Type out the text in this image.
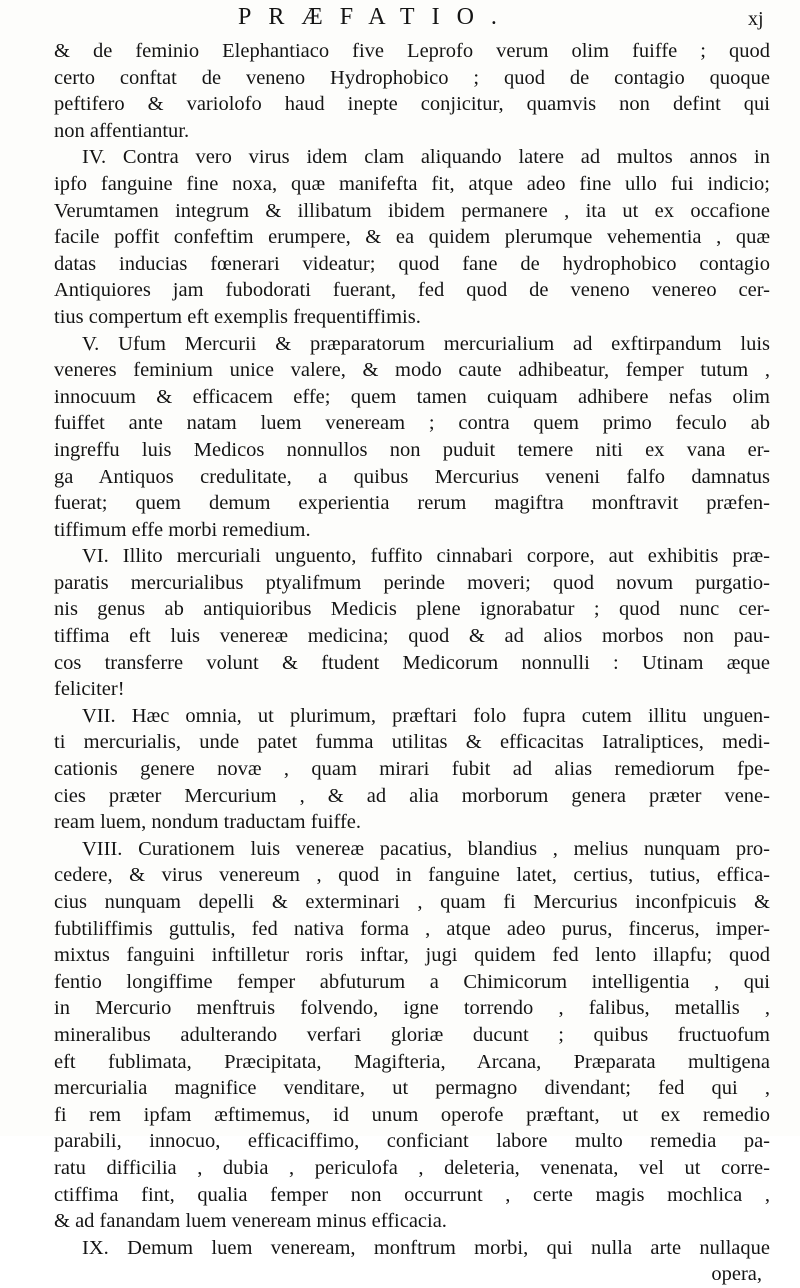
PRÆFATIO.	xj
& de feminio Elephantiaco five Leprofo verum olim fuiffe ; quod
certo conftat de veneno Hydrophobico ; quod de contagio quoque
peftifero & variolofo haud inepte conjicitur, quamvis non defint qui
non affentiantur.
IV. Contra vero virus idem clam aliquando latere ad multos annos in
ipfo fanguine fine noxa, quæ manifefta fit, atque adeo fine ullo fui indicio;
Verumtamen integrum & illibatum ibidem permanere , ita ut ex occafione
facile poffit confeftim erumpere, & ea quidem plerumque vehementia , quæ
datas inducias fœnerari videatur; quod fane de hydrophobico contagio
Antiquiores jam fubodorati fuerant, fed quod de veneno venereo cer-
tius compertum eft exemplis frequentiffimis.
V. Ufum Mercurii & præparatorum mercurialium ad exftirpandum luis
veneres feminium unice valere, & modo caute adhibeatur, femper tutum ,
innocuum & efficacem effe; quem tamen cuiquam adhibere nefas olim
fuiffet ante natam luem veneream ; contra quem primo feculo ab
ingreffu luis Medicos nonnullos non puduit temere niti ex vana er-
ga Antiquos credulitate, a quibus Mercurius veneni falfo damnatus
fuerat; quem demum experientia rerum magiftra monftravit præfen-
tiffimum effe morbi remedium.
VI. Illito mercuriali unguento, fuffito cinnabari corpore, aut exhibitis præ-
paratis mercurialibus ptyalifmum perinde moveri; quod novum purgatio-
nis genus ab antiquioribus Medicis plene ignorabatur ; quod nunc cer-
tiffima eft luis venereæ medicina; quod & ad alios morbos non pau-
cos transferre volunt & ftudent Medicorum nonnulli : Utinam æque
feliciter!
VII. Hæc omnia, ut plurimum, præftari folo fupra cutem illitu unguen-
ti mercurialis, unde patet fumma utilitas & efficacitas Iatraliptices, medi-
cationis genere novæ , quam mirari fubit ad alias remediorum fpe-
cies præter Mercurium , & ad alia morborum genera præter vene-
ream luem, nondum traductam fuiffe.
VIII. Curationem luis venereæ pacatius, blandius , melius nunquam pro-
cedere, & virus venereum , quod in fanguine latet, certius, tutius, effica-
cius nunquam depelli & exterminari , quam fi Mercurius inconfpicuis &
fubtiliffimis guttulis, fed nativa forma , atque adeo purus, fincerus, imper-
mixtus fanguini inftilletur roris inftar, jugi quidem fed lento illapfu; quod
fentio longiffime femper abfuturum a Chimicorum intelligentia , qui
in Mercurio menftruis folvendo, igne torrendo , falibus, metallis ,
mineralibus adulterando verfari gloriæ ducunt ; quibus fructuofum
eft fublimata, Præcipitata, Magifteria, Arcana, Præparata multigena
mercurialia magnifice venditare, ut permagno divendant; fed qui ,
fi rem ipfam æftimemus, id unum operofe præftant, ut ex remedio
parabili, innocuo, efficaciffimo, conficiant labore multo remedia pa-
ratu difficilia , dubia , periculofa , deleteria, venenata, vel ut corre-
ctiffima fint, qualia femper non occurrunt , certe magis mochlica ,
& ad fanandam luem veneream minus efficacia.
IX. Demum luem veneream, monftrum morbi, qui nulla arte nullaque
opera,
